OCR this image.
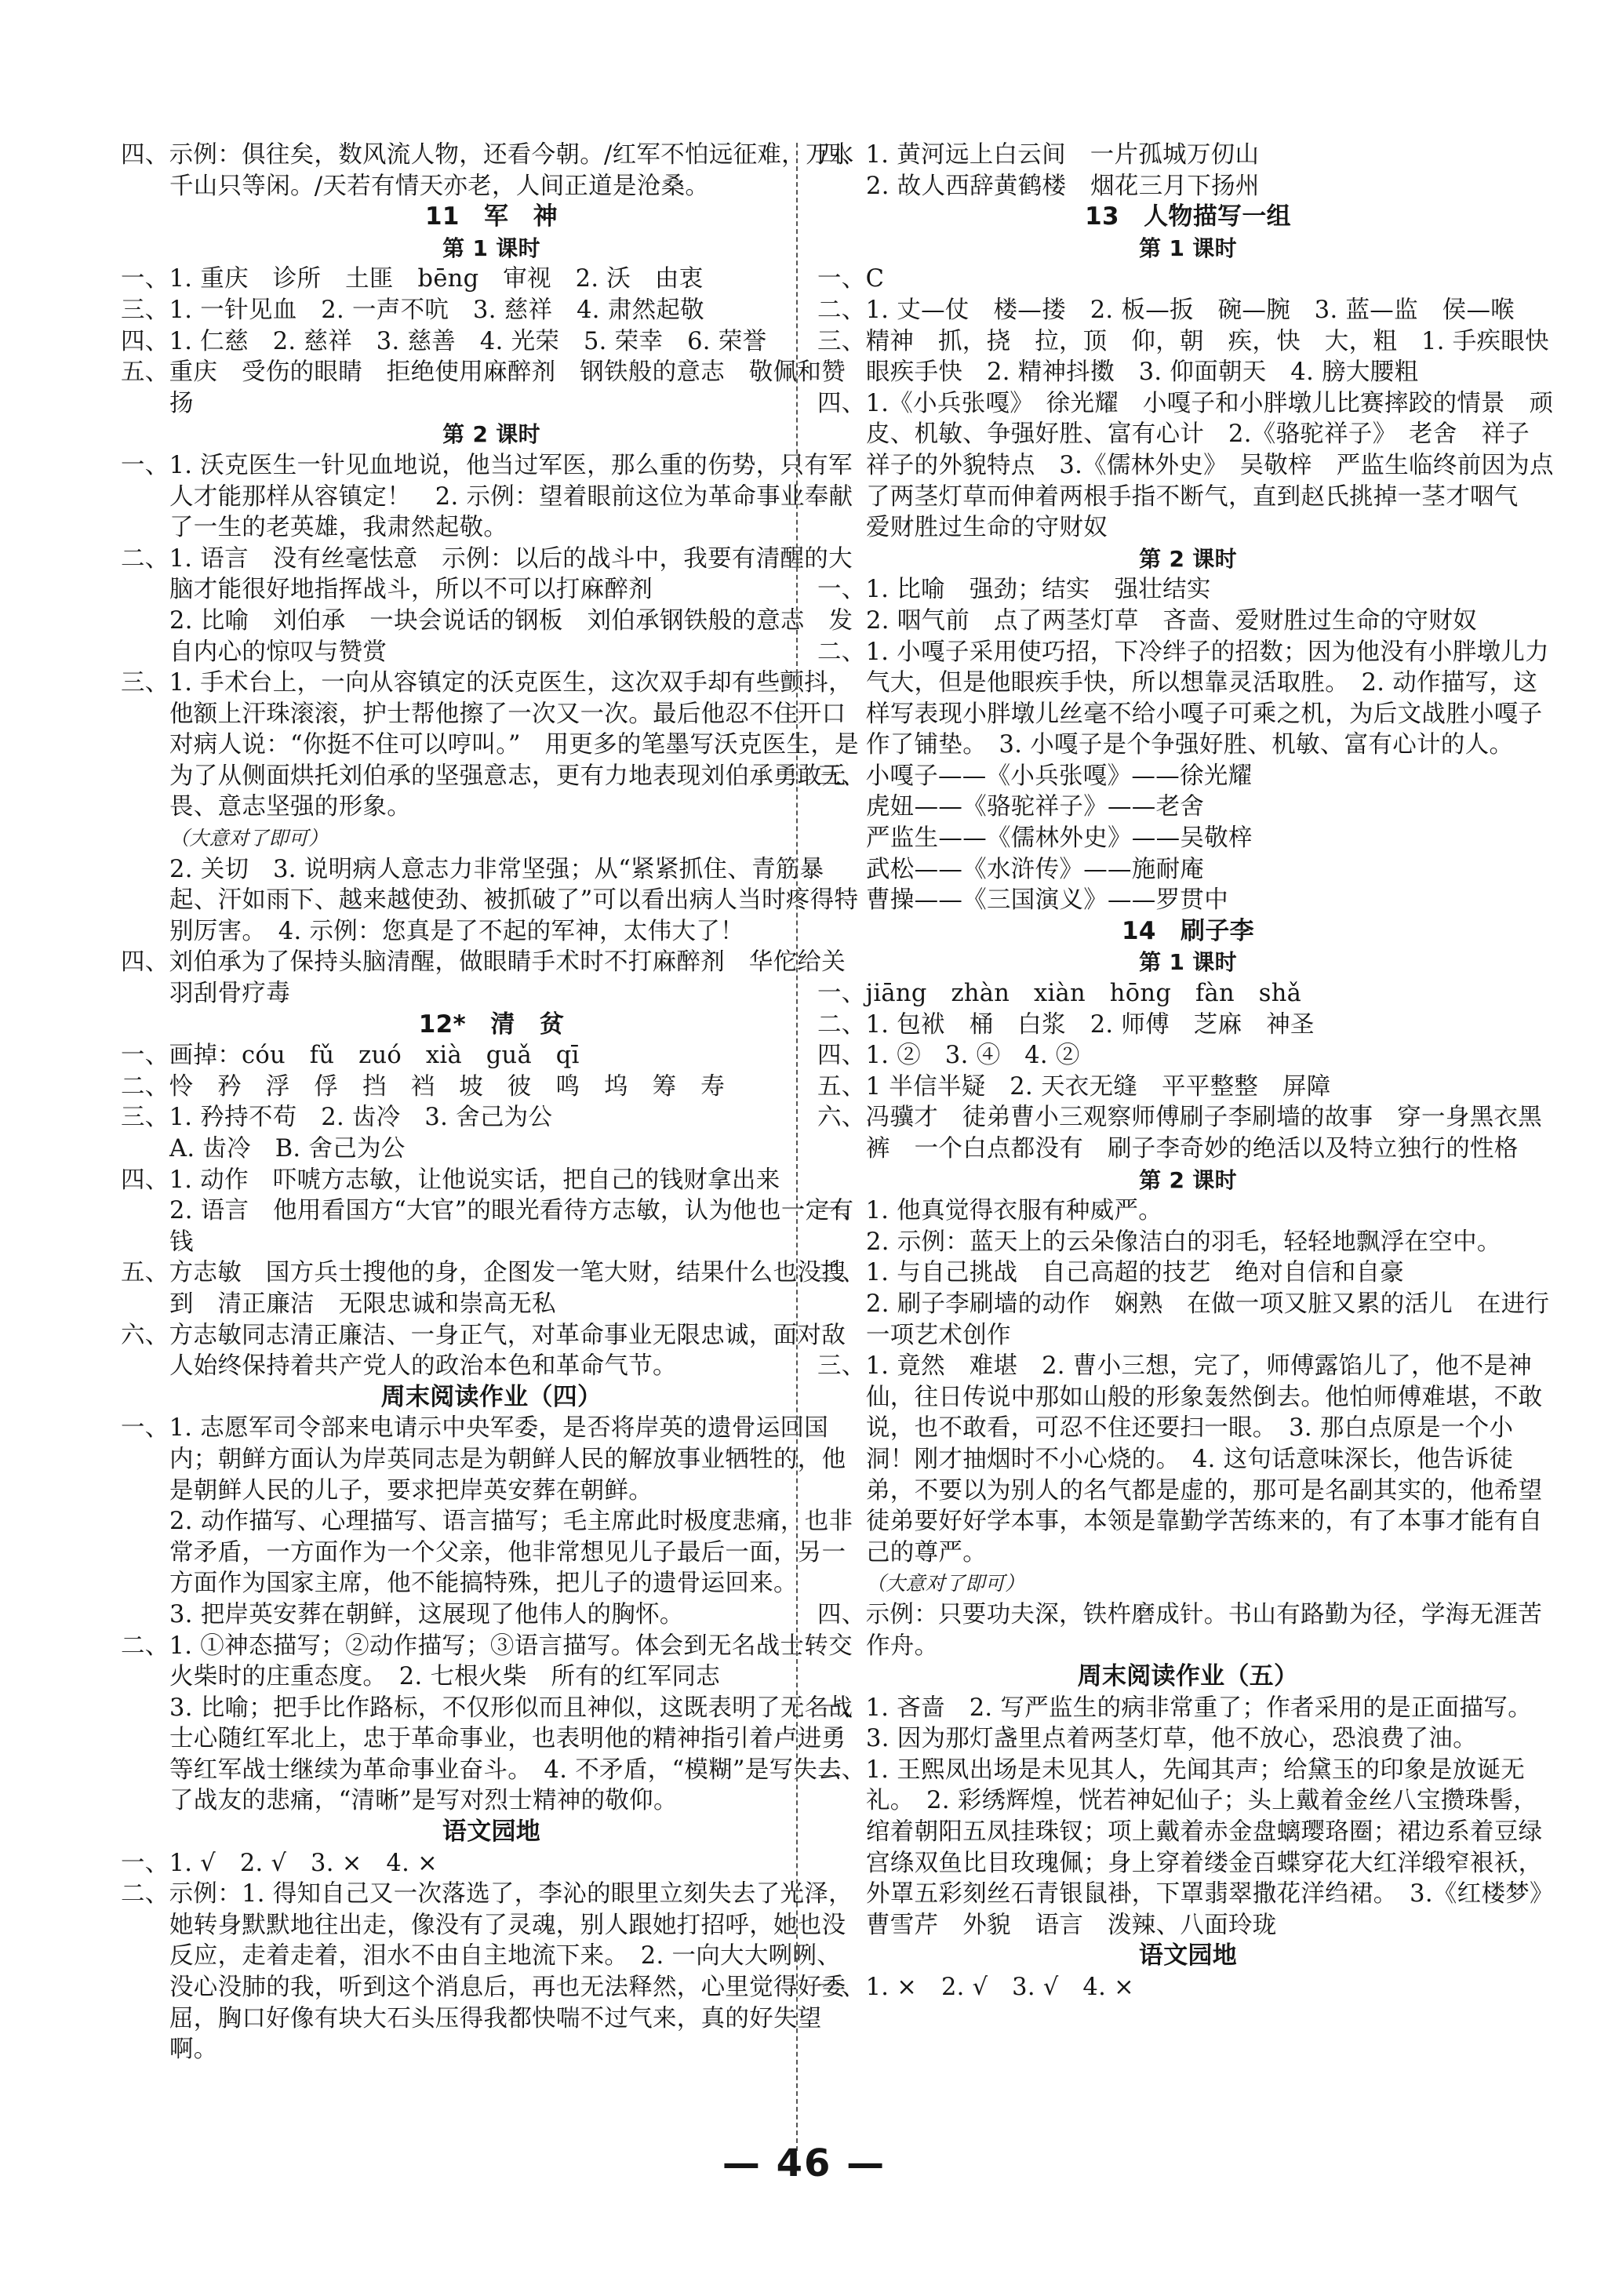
四、示例：俱往矣，数风流人物，还看今朝。/红军不怕远征难，万水千山只等闲。/天若有情天亦老，人间正道是沧桑。
11　军　神
第 1 课时
一、1. 重庆　诊所　土匪　bēng　审视　2. 沃　由衷
三、1. 一针见血　2. 一声不吭　3. 慈祥　4. 肃然起敬
四、1. 仁慈　2. 慈祥　3. 慈善　4. 光荣　5. 荣幸　6. 荣誉
五、重庆　受伤的眼睛　拒绝使用麻醉剂　钢铁般的意志　敬佩和赞扬
第 2 课时
一、1. 沃克医生一针见血地说，他当过军医，那么重的伤势，只有军人才能那样从容镇定！　2. 示例：望着眼前这位为革命事业奉献了一生的老英雄，我肃然起敬。
二、1. 语言　没有丝毫怯意　示例：以后的战斗中，我要有清醒的大脑才能很好地指挥战斗，所以不可以打麻醉剂
2. 比喻　刘伯承　一块会说话的钢板　刘伯承钢铁般的意志　发自内心的惊叹与赞赏
三、1. 手术台上，一向从容镇定的沃克医生，这次双手却有些颤抖，他额上汗珠滚滚，护士帮他擦了一次又一次。最后他忍不住开口对病人说：“你挺不住可以哼叫。”　用更多的笔墨写沃克医生，是为了从侧面烘托刘伯承的坚强意志，更有力地表现刘伯承勇敢无畏、意志坚强的形象。
（大意对了即可）
2. 关切　3. 说明病人意志力非常坚强；从“紧紧抓住、青筋暴起、汗如雨下、越来越使劲、被抓破了”可以看出病人当时疼得特别厉害。　4. 示例：您真是了不起的军神，太伟大了！
四、刘伯承为了保持头脑清醒，做眼睛手术时不打麻醉剂　华佗给关羽刮骨疗毒
12*　清　贫
一、画掉：cóu　fǔ　zuó　xià　guǎ　qī
二、怜　矜　浮　俘　挡　裆　坡　彼　鸣　坞　筹　寿
三、1. 矜持不苟　2. 齿冷　3. 舍己为公
A. 齿冷　B. 舍己为公
四、1. 动作　吓唬方志敏，让他说实话，把自己的钱财拿出来
2. 语言　他用看国方“大官”的眼光看待方志敏，认为他也一定有钱
五、方志敏　国方兵士搜他的身，企图发一笔大财，结果什么也没搜到　清正廉洁　无限忠诚和崇高无私
六、方志敏同志清正廉洁、一身正气，对革命事业无限忠诚，面对敌人始终保持着共产党人的政治本色和革命气节。
周末阅读作业（四）
一、1. 志愿军司令部来电请示中央军委，是否将岸英的遗骨运回国内；朝鲜方面认为岸英同志是为朝鲜人民的解放事业牺牲的，他是朝鲜人民的儿子，要求把岸英安葬在朝鲜。
2. 动作描写、心理描写、语言描写；毛主席此时极度悲痛，也非常矛盾，一方面作为一个父亲，他非常想见儿子最后一面，另一方面作为国家主席，他不能搞特殊，把儿子的遗骨运回来。
3. 把岸英安葬在朝鲜，这展现了他伟人的胸怀。
二、1. ①神态描写；②动作描写；③语言描写。体会到无名战士转交火柴时的庄重态度。　2. 七根火柴　所有的红军同志
3. 比喻；把手比作路标，不仅形似而且神似，这既表明了无名战士心随红军北上，忠于革命事业，也表明他的精神指引着卢进勇等红军战士继续为革命事业奋斗。　4. 不矛盾，“模糊”是写失去了战友的悲痛，“清晰”是写对烈士精神的敬仰。
语文园地
一、1. √　2. √　3. ×　4. ×
二、示例：1. 得知自己又一次落选了，李沁的眼里立刻失去了光泽，她转身默默地往出走，像没有了灵魂，别人跟她打招呼，她也没反应，走着走着，泪水不由自主地流下来。　2. 一向大大咧咧、没心没肺的我，听到这个消息后，再也无法释然，心里觉得好委屈，胸口好像有块大石头压得我都快喘不过气来，真的好失望啊。
四、1. 黄河远上白云间　一片孤城万仞山
2. 故人西辞黄鹤楼　烟花三月下扬州
13　人物描写一组
第 1 课时
一、C
二、1. 丈—仗　楼—搂　2. 板—扳　碗—腕　3. 蓝—监　侯—喉
三、精神　抓，挠　拉，顶　仰，朝　疾，快　大，粗　1. 手疾眼快　眼疾手快　2. 精神抖擞　3. 仰面朝天　4. 膀大腰粗
四、1.《小兵张嘎》　徐光耀　小嘎子和小胖墩儿比赛摔跤的情景　顽皮、机敏、争强好胜、富有心计　2.《骆驼祥子》　老舍　祥子　祥子的外貌特点　3.《儒林外史》　吴敬梓　严监生临终前因为点了两茎灯草而伸着两根手指不断气，直到赵氏挑掉一茎才咽气　爱财胜过生命的守财奴
第 2 课时
一、1. 比喻　强劲；结实　强壮结实
2. 咽气前　点了两茎灯草　吝啬、爱财胜过生命的守财奴
二、1. 小嘎子采用使巧招，下冷绊子的招数；因为他没有小胖墩儿力气大，但是他眼疾手快，所以想靠灵活取胜。　2. 动作描写，这样写表现小胖墩儿丝毫不给小嘎子可乘之机，为后文战胜小嘎子作了铺垫。　3. 小嘎子是个争强好胜、机敏、富有心计的人。
三、小嘎子——《小兵张嘎》——徐光耀
虎妞——《骆驼祥子》——老舍
严监生——《儒林外史》——吴敬梓
武松——《水浒传》——施耐庵
曹操——《三国演义》——罗贯中
14　刷子李
第 1 课时
一、jiāng　zhàn　xiàn　hōng　fàn　shǎ
二、1. 包袱　桶　白浆　2. 师傅　芝麻　神圣
四、1. ②　3. ④　4. ②
五、1 半信半疑　2. 天衣无缝　平平整整　屏障
六、冯骥才　徒弟曹小三观察师傅刷子李刷墙的故事　穿一身黑衣黑裤　一个白点都没有　刷子李奇妙的绝活以及特立独行的性格
第 2 课时
一、1. 他真觉得衣服有种威严。
2. 示例：蓝天上的云朵像洁白的羽毛，轻轻地飘浮在空中。
二、1. 与自己挑战　自己高超的技艺　绝对自信和自豪
2. 刷子李刷墙的动作　娴熟　在做一项又脏又累的活儿　在进行一项艺术创作
三、1. 竟然　难堪　2. 曹小三想，完了，师傅露馅儿了，他不是神仙，往日传说中那如山般的形象轰然倒去。他怕师傅难堪，不敢说，也不敢看，可忍不住还要扫一眼。　3. 那白点原是一个小洞！刚才抽烟时不小心烧的。　4. 这句话意味深长，他告诉徒弟，不要以为别人的名气都是虚的，那可是名副其实的，他希望徒弟要好好学本事，本领是靠勤学苦练来的，有了本事才能有自己的尊严。
（大意对了即可）
四、示例：只要功夫深，铁杵磨成针。书山有路勤为径，学海无涯苦作舟。
周末阅读作业（五）
一、1. 吝啬　2. 写严监生的病非常重了；作者采用的是正面描写。
3. 因为那灯盏里点着两茎灯草，他不放心，恐浪费了油。
二、1. 王熙凤出场是未见其人，先闻其声；给黛玉的印象是放诞无礼。　2. 彩绣辉煌，恍若神妃仙子；头上戴着金丝八宝攒珠髻，绾着朝阳五凤挂珠钗；项上戴着赤金盘螭璎珞圈；裙边系着豆绿宫绦双鱼比目玫瑰佩；身上穿着缕金百蝶穿花大红洋缎窄裉袄，外罩五彩刻丝石青银鼠褂，下罩翡翠撒花洋绉裙。　3.《红楼梦》　曹雪芹　外貌　语言　泼辣、八面玲珑
语文园地
一、1. ×　2. √　3. √　4. ×
— 46 —
